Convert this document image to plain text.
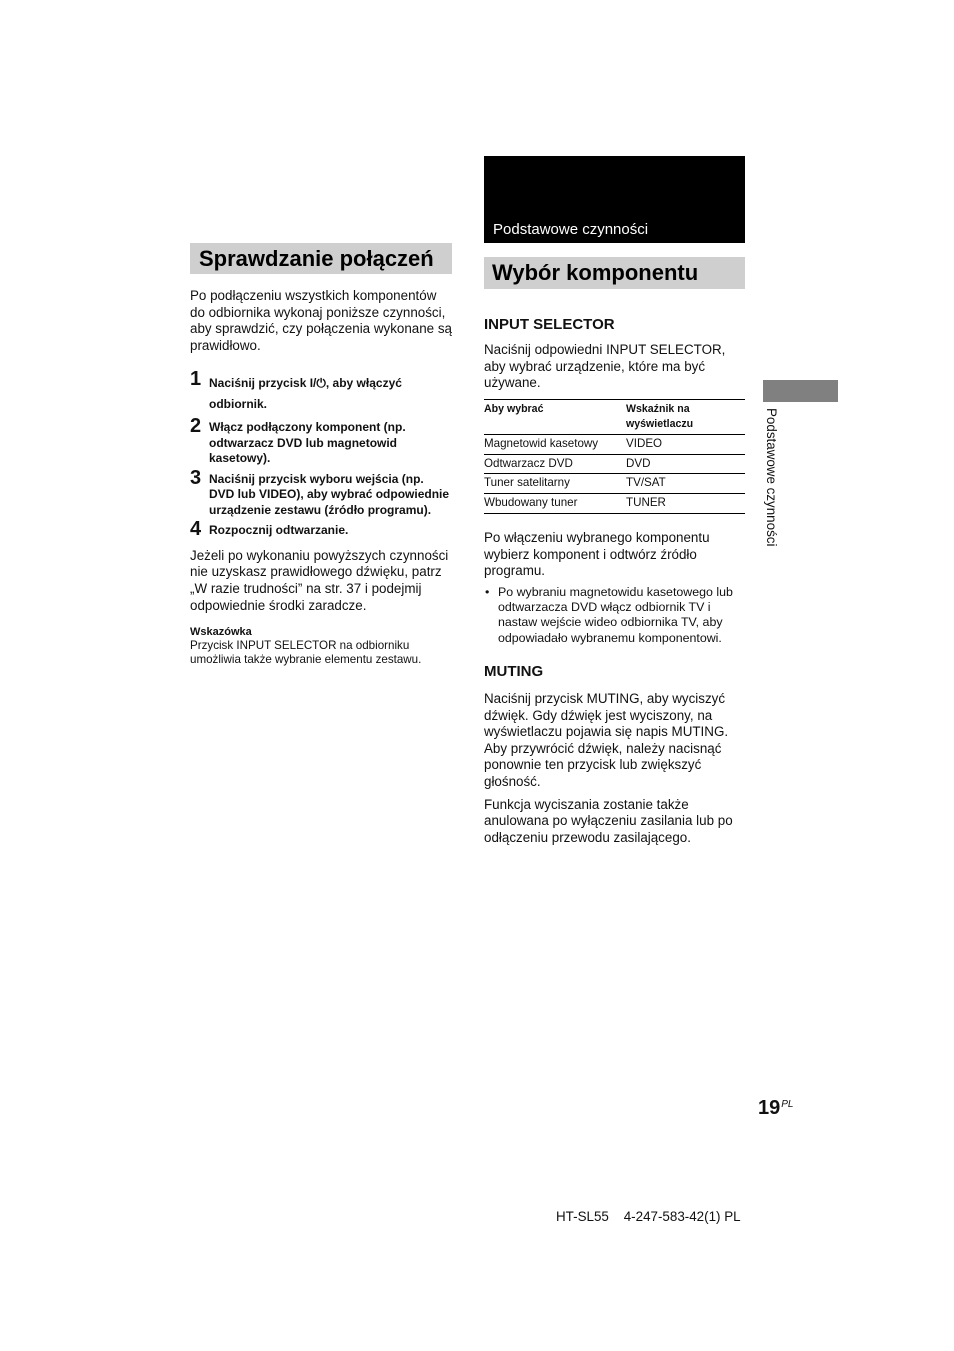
Sprawdzanie połączeń

Po podłączeniu wszystkich komponentów do odbiornika wykonaj poniższe czynności, aby sprawdzić, czy połączenia wykonane są prawidłowo.

1 Naciśnij przycisk I/⏻, aby włączyć odbiornik.
2 Włącz podłączony komponent (np. odtwarzacz DVD lub magnetowid kasetowy).
3 Naciśnij przycisk wyboru wejścia (np. DVD lub VIDEO), aby wybrać odpowiednie urządzenie zestawu (źródło programu).
4 Rozpocznij odtwarzanie.

Jeżeli po wykonaniu powyższych czynności nie uzyskasz prawidłowego dźwięku, patrz „W razie trudności” na str. 37 i podejmij odpowiednie środki zaradcze.

Wskazówka
Przycisk INPUT SELECTOR na odbiorniku umożliwia także wybranie elementu zestawu.
Podstawowe czynności
Wybór komponentu
INPUT SELECTOR

Naciśnij odpowiedni INPUT SELECTOR, aby wybrać urządzenie, które ma być używane.

Aby wybrać	Wskaźnik na wyświetlaczu
Magnetowid kasetowy	VIDEO
Odtwarzacz DVD	DVD
Tuner satelitarny	TV/SAT
Wbudowany tuner	TUNER

Po włączeniu wybranego komponentu wybierz komponent i odtwórz źródło programu.

• Po wybraniu magnetowidu kasetowego lub odtwarzacza DVD włącz odbiornik TV i nastaw wejście wideo odbiornika TV, aby odpowiadało wybranemu komponentowi.
MUTING

Naciśnij przycisk MUTING, aby wyciszyć dźwięk. Gdy dźwięk jest wyciszony, na wyświetlaczu pojawia się napis MUTING. Aby przywrócić dźwięk, należy nacisnąć ponownie ten przycisk lub zwiększyć głośność.

Funkcja wyciszania zostanie także anulowana po wyłączeniu zasilania lub po odłączeniu przewodu zasilającego.

Podstawowe czynności
$19^{PL}$
HT-SL55    4-247-583-42(1) PL
